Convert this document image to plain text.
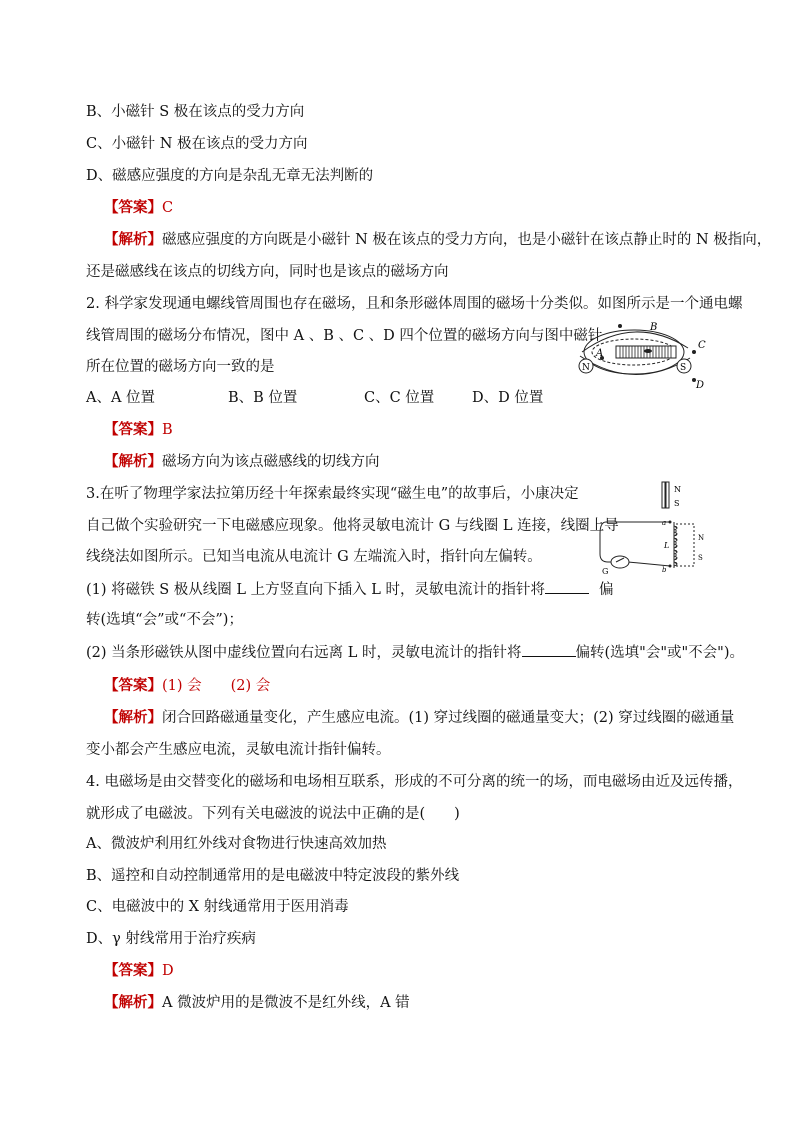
B、小磁针 S 极在该点的受力方向
C、小磁针 N 极在该点的受力方向
D、磁感应强度的方向是杂乱无章无法判断的
【答案】C
【解析】磁感应强度的方向既是小磁针 N 极在该点的受力方向，也是小磁针在该点静止时的 N 极指向，
还是磁感线在该点的切线方向，同时也是该点的磁场方向
2. 科学家发现通电螺线管周围也存在磁场，且和条形磁体周围的磁场十分类似。如图所示是一个通电螺
线管周围的磁场分布情况，图中 A 、B 、C 、D 四个位置的磁场方向与图中磁针
所在位置的磁场方向一致的是
A、A 位置	B、B 位置	C、C 位置	D、D 位置
【答案】B
【解析】磁场方向为该点磁感线的切线方向
N	S
A
B
C
D
3.在听了物理学家法拉第历经十年探索最终实现“磁生电”的故事后，小康决定
自己做个实验研究一下电磁感应现象。他将灵敏电流计 G 与线圈 L 连接，线圈上导
线绕法如图所示。已知当电流从电流计 G 左端流入时，指针向左偏转。
(1) 将磁铁 S 极从线圈 L 上方竖直向下插入 L 时，灵敏电流计的指针将	偏
转(选填“会”或“不会”)；
(2) 当条形磁铁从图中虚线位置向右远离 L 时，灵敏电流计的指针将	偏转(选填"会"或"不会")。
【答案】(1) 会　　(2) 会
【解析】闭合回路磁通量变化，产生感应电流。(1) 穿过线圈的磁通量变大；(2) 穿过线圈的磁通量
变小都会产生感应电流，灵敏电流计指针偏转。
N
S
a
b
L
G
N
S
4. 电磁场是由交替变化的磁场和电场相互联系，形成的不可分离的统一的场，而电磁场由近及远传播，
就形成了电磁波。下列有关电磁波的说法中正确的是(　　)
A、微波炉利用红外线对食物进行快速高效加热
B、遥控和自动控制通常用的是电磁波中特定波段的紫外线
C、电磁波中的 X 射线通常用于医用消毒
D、γ 射线常用于治疗疾病
【答案】D
【解析】A 微波炉用的是微波不是红外线，A 错
